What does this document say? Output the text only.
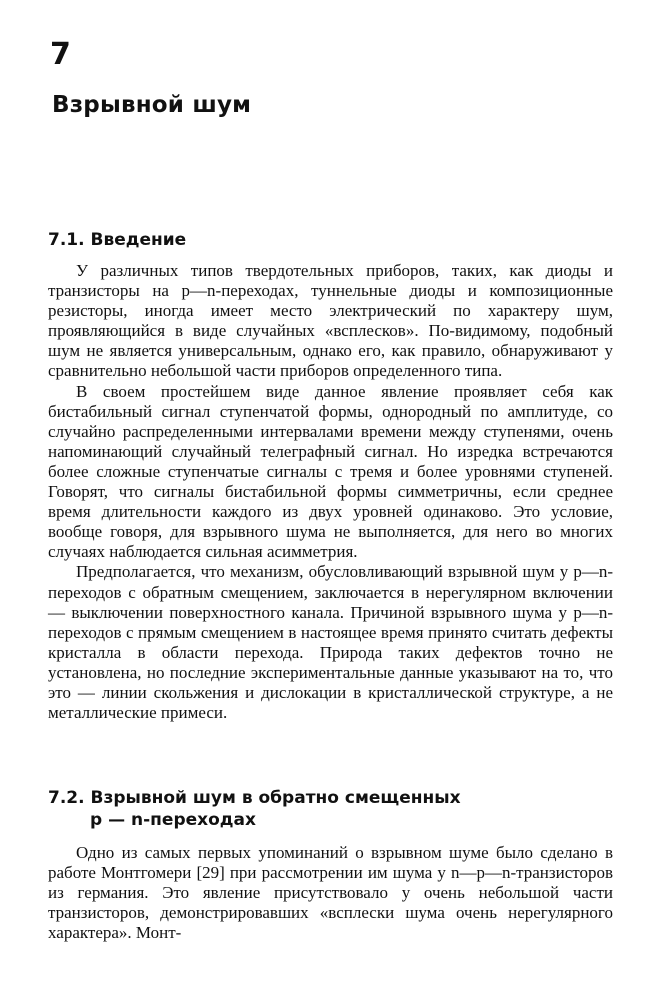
7
Взрывной шум
7.1. Введение

У различных типов твердотельных приборов, таких, как диоды и транзисторы на p—n-переходах, туннельные диоды и композиционные резисторы, иногда имеет место электрический по характеру шум, проявляющийся в виде случайных «всплесков». По-видимому, подобный шум не является универсальным, однако его, как правило, обнаруживают у сравнительно небольшой части приборов определенного типа.

В своем простейшем виде данное явление проявляет себя как бистабильный сигнал ступенчатой формы, однородный по амплитуде, со случайно распределенными интервалами времени между ступенями, очень напоминающий случайный телеграфный сигнал. Но изредка встречаются более сложные ступенчатые сигналы с тремя и более уровнями ступеней. Говорят, что сигналы бистабильной формы симметричны, если среднее время длительности каждого из двух уровней одинаково. Это условие, вообще говоря, для взрывного шума не выполняется, для него во многих случаях наблюдается сильная асимметрия.

Предполагается, что механизм, обусловливающий взрывной шум у p—n-переходов с обратным смещением, заключается в нерегулярном включении — выключении поверхностного канала. Причиной взрывного шума у p—n-переходов с прямым смещением в настоящее время принято считать дефекты кристалла в области перехода. Природа таких дефектов точно не установлена, но последние экспериментальные данные указывают на то, что это — линии скольжения и дислокации в кристаллической структуре, а не металлические примеси.

7.2. Взрывной шум в обратно смещенных
p — n-переходах

Одно из самых первых упоминаний о взрывном шуме было сделано в работе Монтгомери [29] при рассмотрении им шума у n—p—n-транзисторов из германия. Это явление присутствовало у очень небольшой части транзисторов, демонстрировавших «всплески шума очень нерегулярного характера». Монт-
